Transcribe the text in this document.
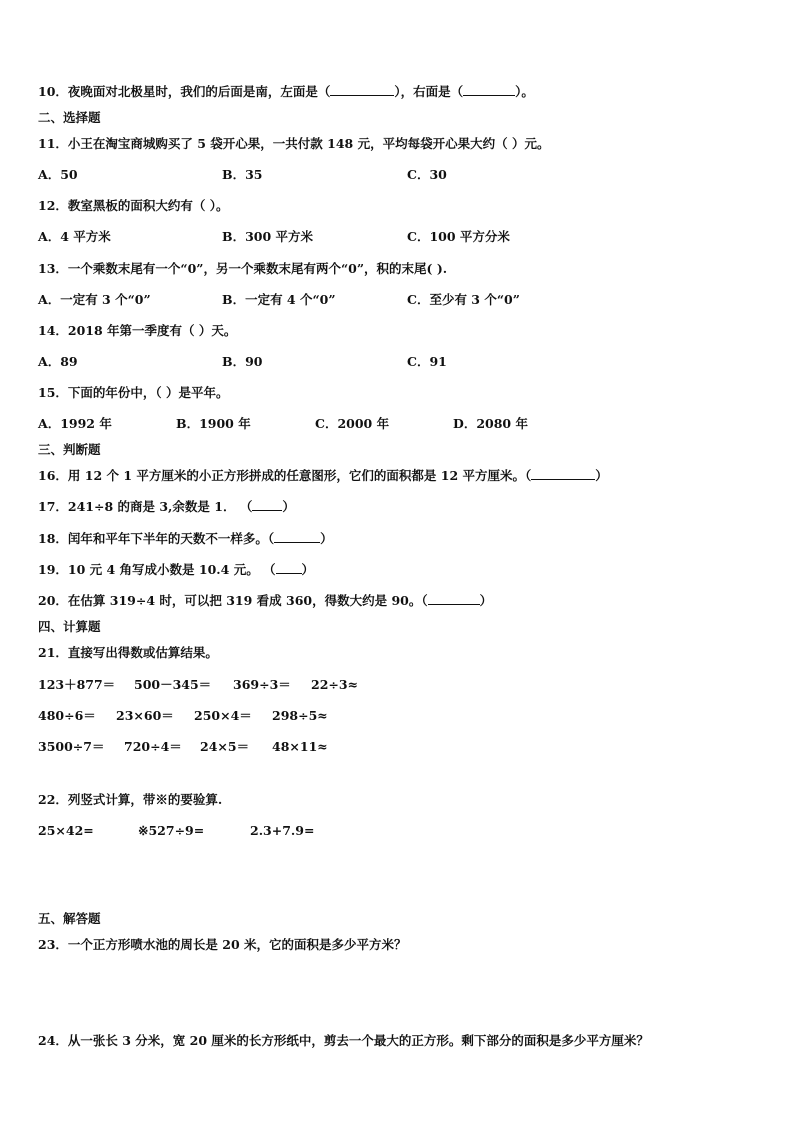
10．夜晚面对北极星时，我们的后面是南，左面是（	），右面是（	）。
二、选择题
11．小王在淘宝商城购买了 5 袋开心果，一共付款 148 元，平均每袋开心果大约（ ）元。
A．50	B．35	C．30
12．教室黑板的面积大约有（ ）。
A．4 平方米	B．300 平方米	C．100 平方分米
13．一个乘数末尾有一个“0”，另一个乘数末尾有两个“0”，积的末尾( ).
A．一定有 3 个“0”	B．一定有 4 个“0”	C．至少有 3 个“0”
14．2018 年第一季度有（ ）天。
A．89	B．90	C．91
15．下面的年份中，（ ）是平年。
A．1992 年	B．1900 年	C．2000 年	D．2080 年
三、判断题
16．用 12 个 1 平方厘米的小正方形拼成的任意图形，它们的面积都是 12 平方厘米。（	）
17．241÷8 的商是 3,余数是 1． （ ）
18．闰年和平年下半年的天数不一样多。（	）
19．10 元 4 角写成小数是 10.4 元。 （ ）
20．在估算 319÷4 时，可以把 319 看成 360，得数大约是 90。（	）
四、计算题
21．直接写出得数或估算结果。
123＋877＝ 500－345＝ 369÷3＝ 22÷3≈
480÷6＝ 23×60＝ 250×4＝ 298÷5≈
3500÷7＝ 720÷4＝ 24×5＝ 48×11≈
22．列竖式计算，带※的要验算.
25×42=	※527÷9=	2.3+7.9=
五、解答题
23．一个正方形喷水池的周长是 20 米，它的面积是多少平方米？
24．从一张长 3 分米，宽 20 厘米的长方形纸中，剪去一个最大的正方形。剩下部分的面积是多少平方厘米？
